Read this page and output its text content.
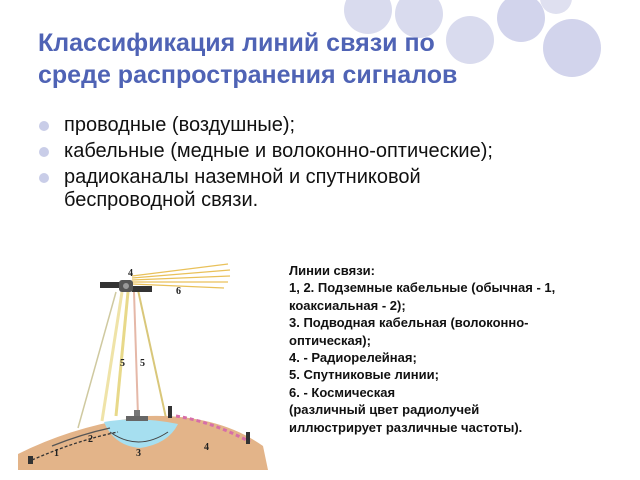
Классификация линий связи по
среде распространения сигналов
проводные (воздушные);
кабельные (медные и волоконно-оптические);
радиоканалы наземной и спутниковой
беспроводной связи.
4
6
5 5
1
2
3
4
Линии связи:
1, 2. Подземные кабельные (обычная - 1,
коаксиальная - 2);
3. Подводная кабельная (волоконно-
оптическая);
4. - Радиорелейная;
5. Спутниковые линии;
6. - Космическая
(различный цвет радиолучей
иллюстрирует различные частоты).
